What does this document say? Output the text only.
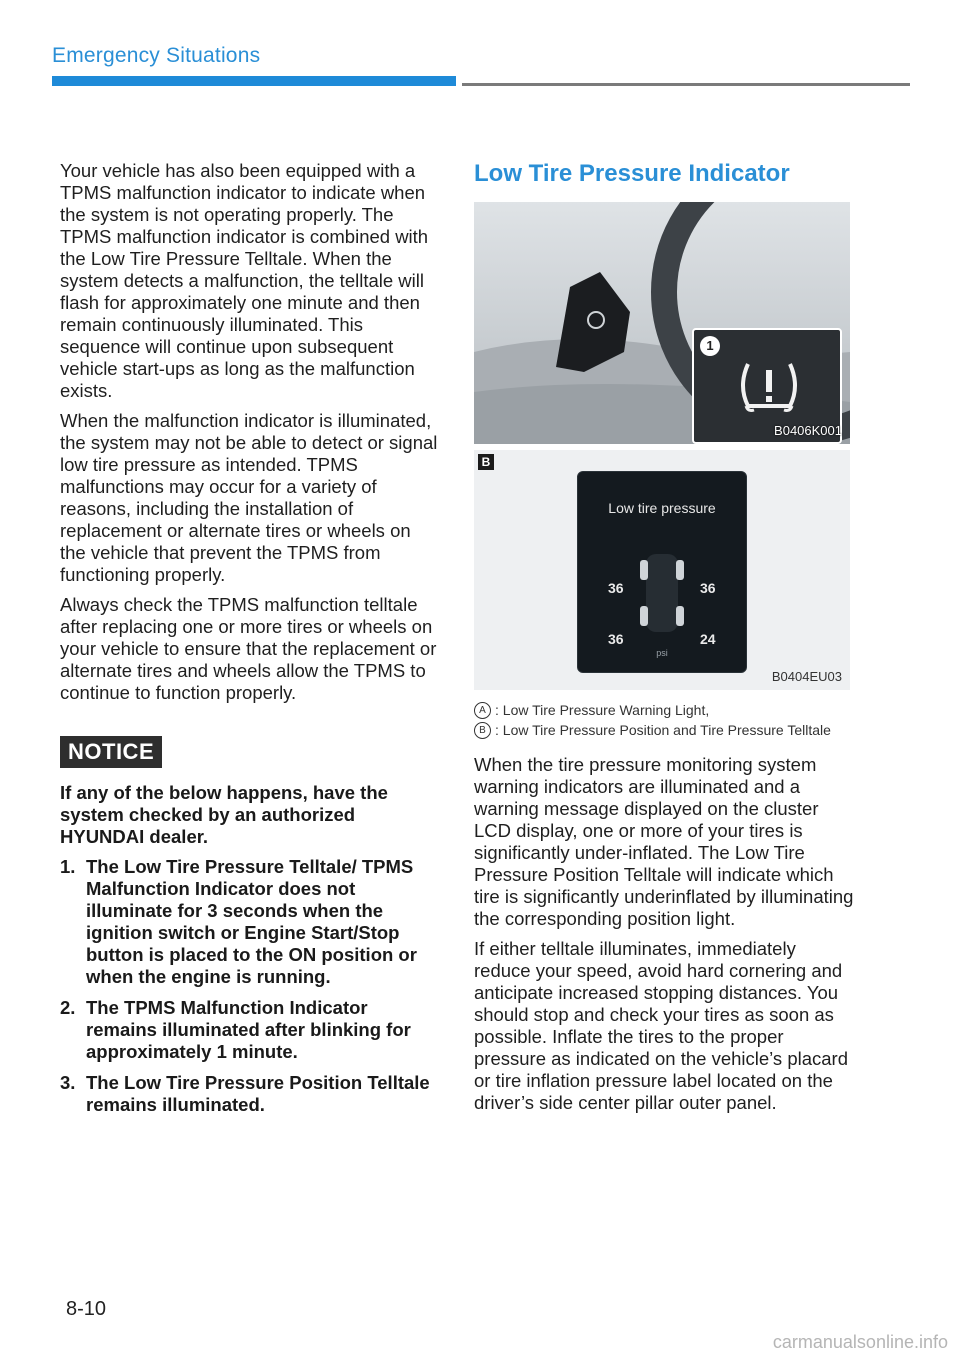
Emergency Situations

Your vehicle has also been equipped with a TPMS malfunction indicator to indicate when the system is not operating properly. The TPMS malfunction indicator is combined with the Low Tire Pressure Telltale. When the system detects a malfunction, the telltale will flash for approximately one minute and then remain continuously illuminated. This sequence will continue upon subsequent vehicle start-ups as long as the malfunction exists.

When the malfunction indicator is illuminated, the system may not be able to detect or signal low tire pressure as intended. TPMS malfunctions may occur for a variety of reasons, including the installation of replacement or alternate tires or wheels on the vehicle that prevent the TPMS from functioning properly.

Always check the TPMS malfunction telltale after replacing one or more tires or wheels on your vehicle to ensure that the replacement or alternate tires and wheels allow the TPMS to continue to function properly.

NOTICE

If any of the below happens, have the system checked by an authorized HYUNDAI dealer.

1. The Low Tire Pressure Telltale/ TPMS Malfunction Indicator does not illuminate for 3 seconds when the ignition switch or Engine Start/Stop button is placed to the ON position or when the engine is running.
2. The TPMS Malfunction Indicator remains illuminated after blinking for approximately 1 minute.
3. The Low Tire Pressure Position Telltale remains illuminated.
Low Tire Pressure Indicator
1
B0406K001
B
Low tire pressure
36	36
36	24
psi
B0404EU03
A : Low Tire Pressure Warning Light,
B : Low Tire Pressure Position and Tire Pressure Telltale

When the tire pressure monitoring system warning indicators are illuminated and a warning message displayed on the cluster LCD display, one or more of your tires is significantly under-inflated. The Low Tire Pressure Position Telltale will indicate which tire is significantly underinflated by illuminating the corresponding position light.

If either telltale illuminates, immediately reduce your speed, avoid hard cornering and anticipate increased stopping distances. You should stop and check your tires as soon as possible. Inflate the tires to the proper pressure as indicated on the vehicle’s placard or tire inflation pressure label located on the driver’s side center pillar outer panel.

8-10
carmanualsonline.info
